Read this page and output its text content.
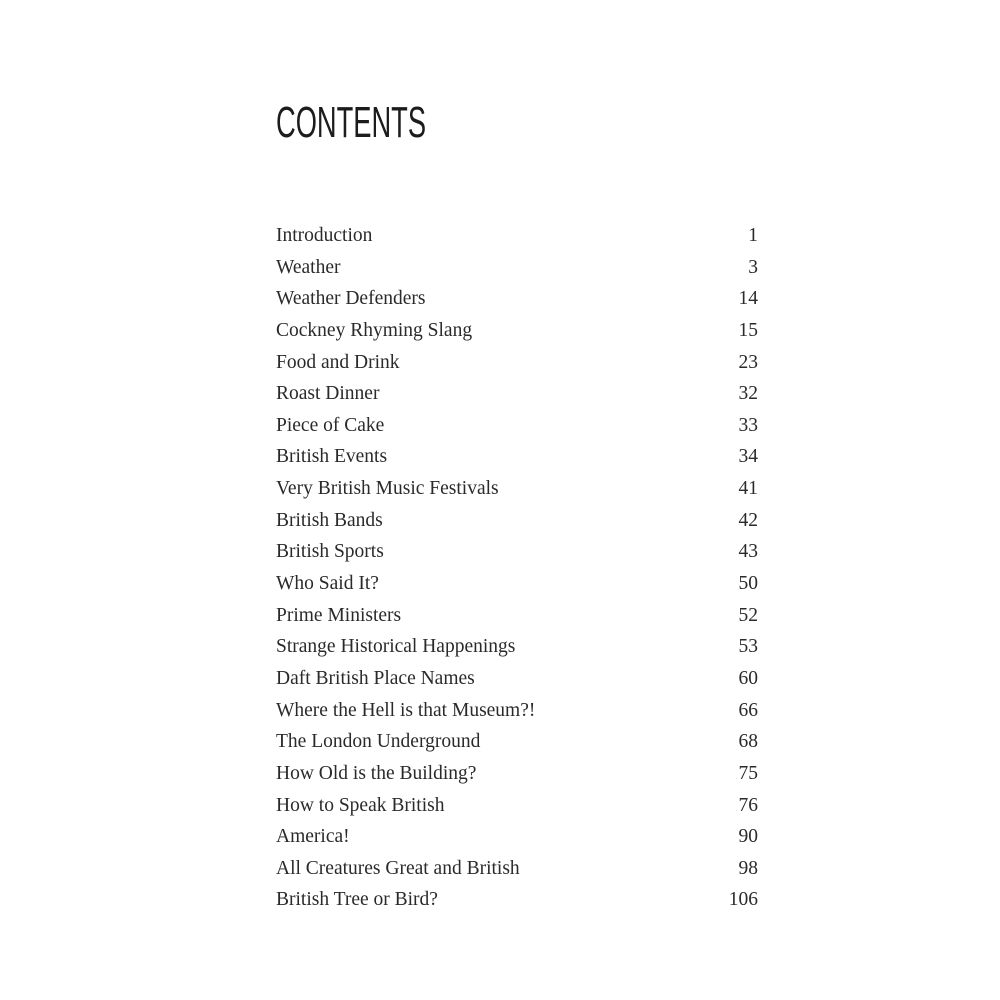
CONTENTS
Introduction	1
Weather	3
Weather Defenders	14
Cockney Rhyming Slang	15
Food and Drink	23
Roast Dinner	32
Piece of Cake	33
British Events	34
Very British Music Festivals	41
British Bands	42
British Sports	43
Who Said It?	50
Prime Ministers	52
Strange Historical Happenings	53
Daft British Place Names	60
Where the Hell is that Museum?!	66
The London Underground	68
How Old is the Building?	75
How to Speak British	76
America!	90
All Creatures Great and British	98
British Tree or Bird?	106
